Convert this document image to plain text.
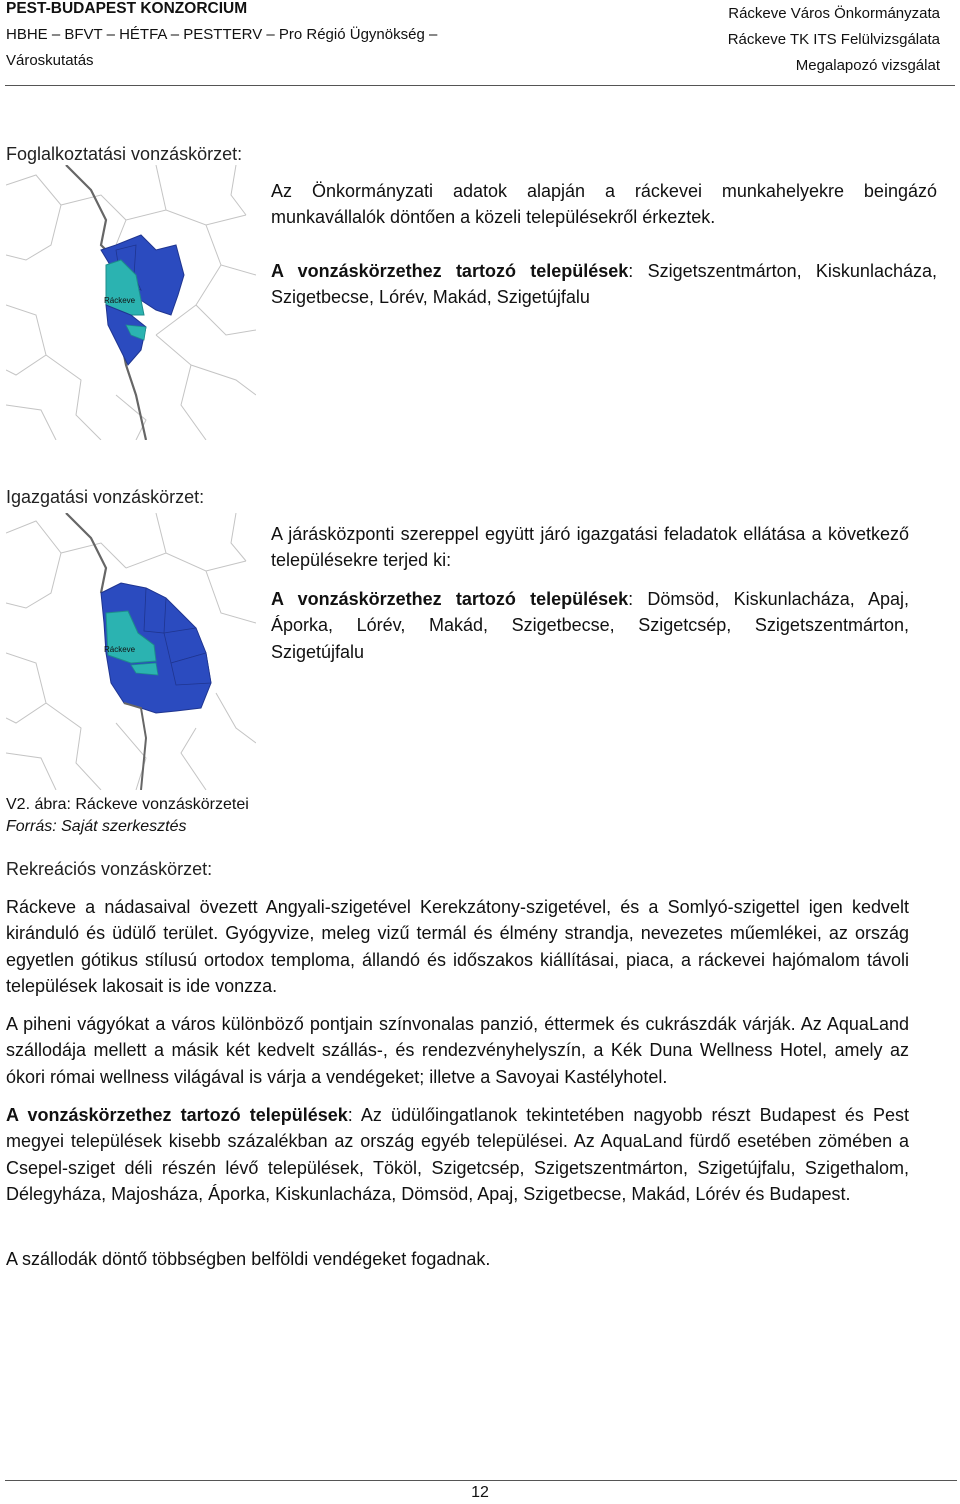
PEST-BUDAPEST KONZORCIUM
HBHE – BFVT – HÉTFA – PESTTERV – Pro Régió Ügynökség –
Városkutatás
Ráckeve Város Önkormányzata
Ráckeve TK ITS Felülvizsgálata
Megalapozó vizsgálat
Foglalkoztatási vonzáskörzet:
Ráckeve
Az Önkormányzati adatok alapján a ráckevei munkahelyekre beingázó munkavállalók döntően a közeli településekről érkeztek.
A vonzáskörzethez tartozó települések: Szigetszentmárton, Kiskunlacháza, Szigetbecse, Lórév, Makád, Szigetújfalu
Igazgatási vonzáskörzet:
Ráckeve
A járásközponti szereppel együtt járó igazgatási feladatok ellátása a következő településekre terjed ki:
A vonzáskörzethez tartozó települések: Dömsöd, Kiskunlacháza, Apaj, Áporka, Lórév, Makád, Szigetbecse, Szigetcsép, Szigetszentmárton, Szigetújfalu
V2. ábra: Ráckeve vonzáskörzetei
Forrás: Saját szerkesztés
Rekreációs vonzáskörzet:
Ráckeve a nádasaival övezett Angyali-szigetével Kerekzátony-szigetével, és a Somlyó-szigettel igen kedvelt kiránduló és üdülő terület. Gyógyvize, meleg vizű termál és élmény strandja, nevezetes műemlékei, az ország egyetlen gótikus stílusú ortodox temploma, állandó és időszakos kiállításai, piaca, a ráckevei hajómalom távoli települések lakosait is ide vonzza.
A piheni vágyókat a város különböző pontjain színvonalas panzió, éttermek és cukrászdák várják. Az AquaLand szállodája mellett a másik két kedvelt szállás-, és rendezvényhelyszín, a Kék Duna Wellness Hotel, amely az ókori római wellness világával is várja a vendégeket; illetve a Savoyai Kastélyhotel.
A vonzáskörzethez tartozó települések: Az üdülőingatlanok tekintetében nagyobb részt Budapest és Pest megyei települések kisebb százalékban az ország egyéb települései. Az AquaLand fürdő esetében zömében a Csepel-sziget déli részén lévő települések, Tököl, Szigetcsép, Szigetszentmárton, Szigetújfalu, Szigethalom, Délegyháza, Majosháza, Áporka, Kiskunlacháza, Dömsöd, Apaj, Szigetbecse, Makád, Lórév és Budapest.
A szállodák döntő többségben belföldi vendégeket fogadnak.
12
